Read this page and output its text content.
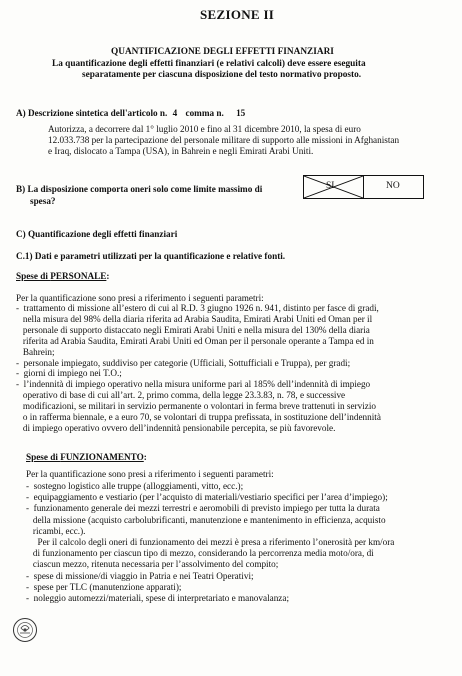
SEZIONE II
QUANTIFICAZIONE DEGLI EFFETTI FINANZIARI
La quantificazione degli effetti finanziari (e relativi calcoli) deve essere eseguita
separatamente per ciascuna disposizione del testo normativo proposto.
A) Descrizione sintetica dell'articolo n. 4 comma n. 15
Autorizza, a decorrere dal 1° luglio 2010 e fino al 31 dicembre 2010, la spesa di euro
12.033.738 per la partecipazione del personale militare di supporto alle missioni in Afghanistan
e Iraq, dislocato a Tampa (USA), in Bahrein e negli Emirati Arabi Uniti.
B) La disposizione comporta oneri solo come limite massimo di
spesa?
SI	NO
C) Quantificazione degli effetti finanziari
C.1) Dati e parametri utilizzati per la quantificazione e relative fonti.
Spese di PERSONALE:
Per la quantificazione sono presi a riferimento i seguenti parametri:
-  trattamento di missione all’estero di cui al R.D. 3 giugno 1926 n. 941, distinto per fasce di gradi,
nella misura del 98% della diaria riferita ad Arabia Saudita, Emirati Arabi Uniti ed Oman per il
personale di supporto distaccato negli Emirati Arabi Uniti e nella misura del 130% della diaria
riferita ad Arabia Saudita, Emirati Arabi Uniti ed Oman per il personale operante a Tampa ed in
Bahrein;
-  personale impiegato, suddiviso per categorie (Ufficiali, Sottufficiali e Truppa), per gradi;
-  giorni di impiego nei T.O.;
-  l’indennità di impiego operativo nella misura uniforme pari al 185% dell’indennità di impiego
operativo di base di cui all’art. 2, primo comma, della legge 23.3.83, n. 78, e successive
modificazioni, se militari in servizio permanente o volontari in ferma breve trattenuti in servizio
o in rafferma biennale, e a euro 70, se volontari di truppa prefissata, in sostituzione dell’indennità
di impiego operativo ovvero dell’indennità pensionabile percepita, se più favorevole.
Spese di FUNZIONAMENTO:
Per la quantificazione sono presi a riferimento i seguenti parametri:
-  sostegno logistico alle truppe (alloggiamenti, vitto, ecc.);
-  equipaggiamento e vestiario (per l’acquisto di materiali/vestiario specifici per l’area d’impiego);
-  funzionamento generale dei mezzi terrestri e aeromobili di previsto impiego per tutta la durata
della missione (acquisto carbolubrificanti, manutenzione e mantenimento in efficienza, acquisto
ricambi, ecc.).
Per il calcolo degli oneri di funzionamento dei mezzi è presa a riferimento l’onerosità per km/ora
di funzionamento per ciascun tipo di mezzo, considerando la percorrenza media moto/ora, di
ciascun mezzo, ritenuta necessaria per l’assolvimento del compito;
-  spese di missione/di viaggio in Patria e nei Teatri Operativi;
-  spese per TLC (manutenzione apparati);
-  noleggio automezzi/materiali, spese di interpretariato e manovalanza;
